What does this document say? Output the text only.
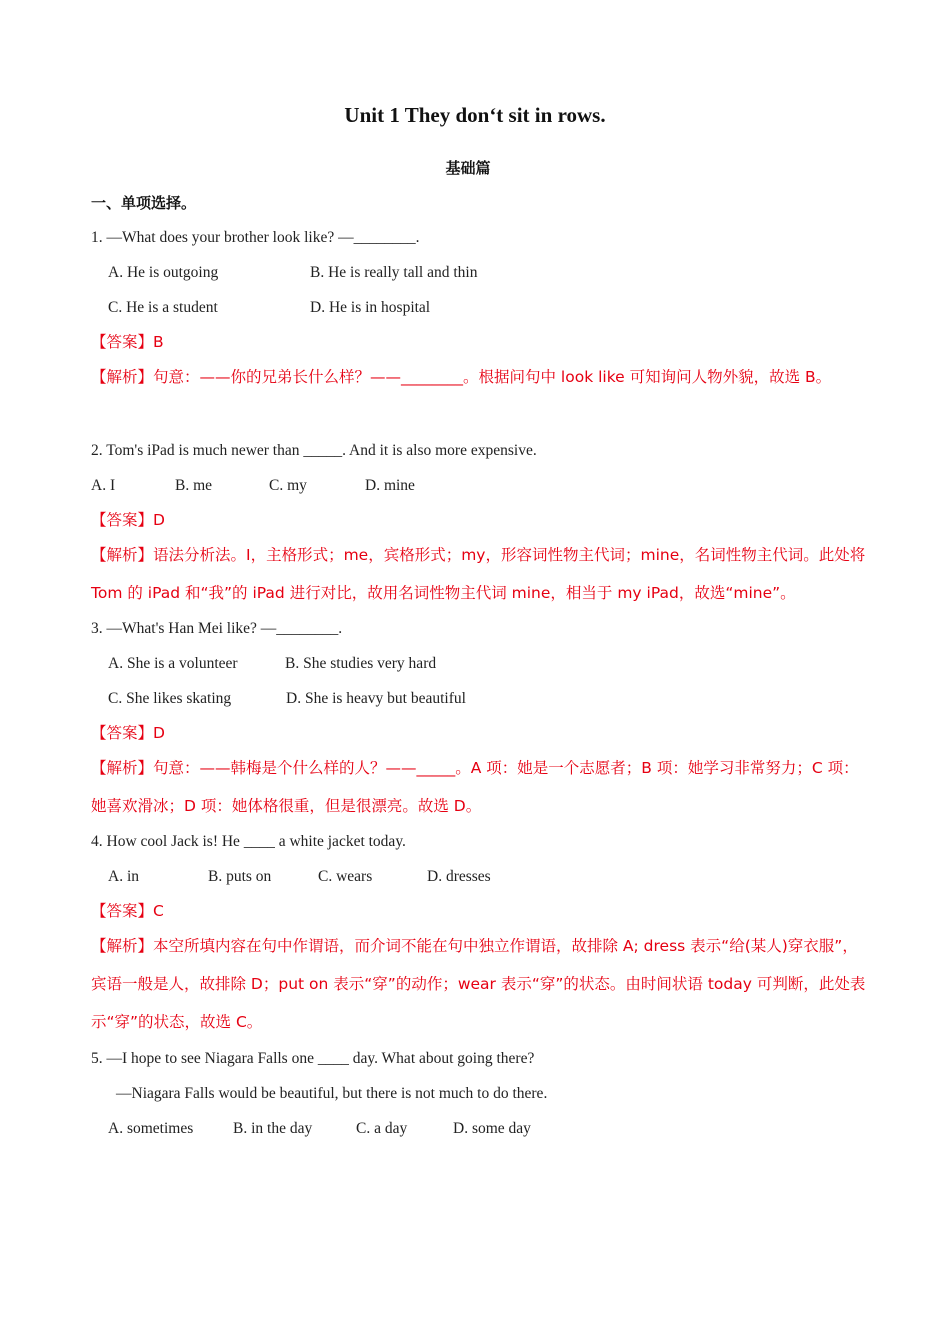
Unit 1 They don‘t sit in rows.
基础篇
一、单项选择。
1. —What does your brother look like? —________.
A. He is outgoing	B. He is really tall and thin
C. He is a student	D. He is in hospital
【答案】B
【解析】句意：——你的兄弟长什么样？——________。根据问句中 look like 可知询问人物外貌，故选 B。
2. Tom's iPad is much newer than _____. And it is also more expensive.
A. I	B. me	C. my	D. mine
【答案】D
【解析】语法分析法。I，主格形式；me，宾格形式；my，形容词性物主代词；mine，名词性物主代词。此处将 Tom 的 iPad 和“我”的 iPad 进行对比，故用名词性物主代词 mine，相当于 my iPad，故选“mine”。
3. —What's Han Mei like? —________.
A. She is a volunteer	B. She studies very hard
C. She likes skating	D. She is heavy but beautiful
【答案】D
【解析】句意：——韩梅是个什么样的人？——_____。A 项：她是一个志愿者；B 项：她学习非常努力；C 项：她喜欢滑冰；D 项：她体格很重，但是很漂亮。故选 D。
4. How cool Jack is! He ____ a white jacket today.
A. in	B. puts on	C. wears	D. dresses
【答案】C
【解析】本空所填内容在句中作谓语，而介词不能在句中独立作谓语，故排除 A; dress 表示“给(某人)穿衣服”，宾语一般是人，故排除 D；put on 表示“穿”的动作；wear 表示“穿”的状态。由时间状语 today 可判断，此处表示“穿”的状态，故选 C。
5. —I hope to see Niagara Falls one ____ day. What about going there?
—Niagara Falls would be beautiful, but there is not much to do there.
A. sometimes	B. in the day	C. a day	D. some day
